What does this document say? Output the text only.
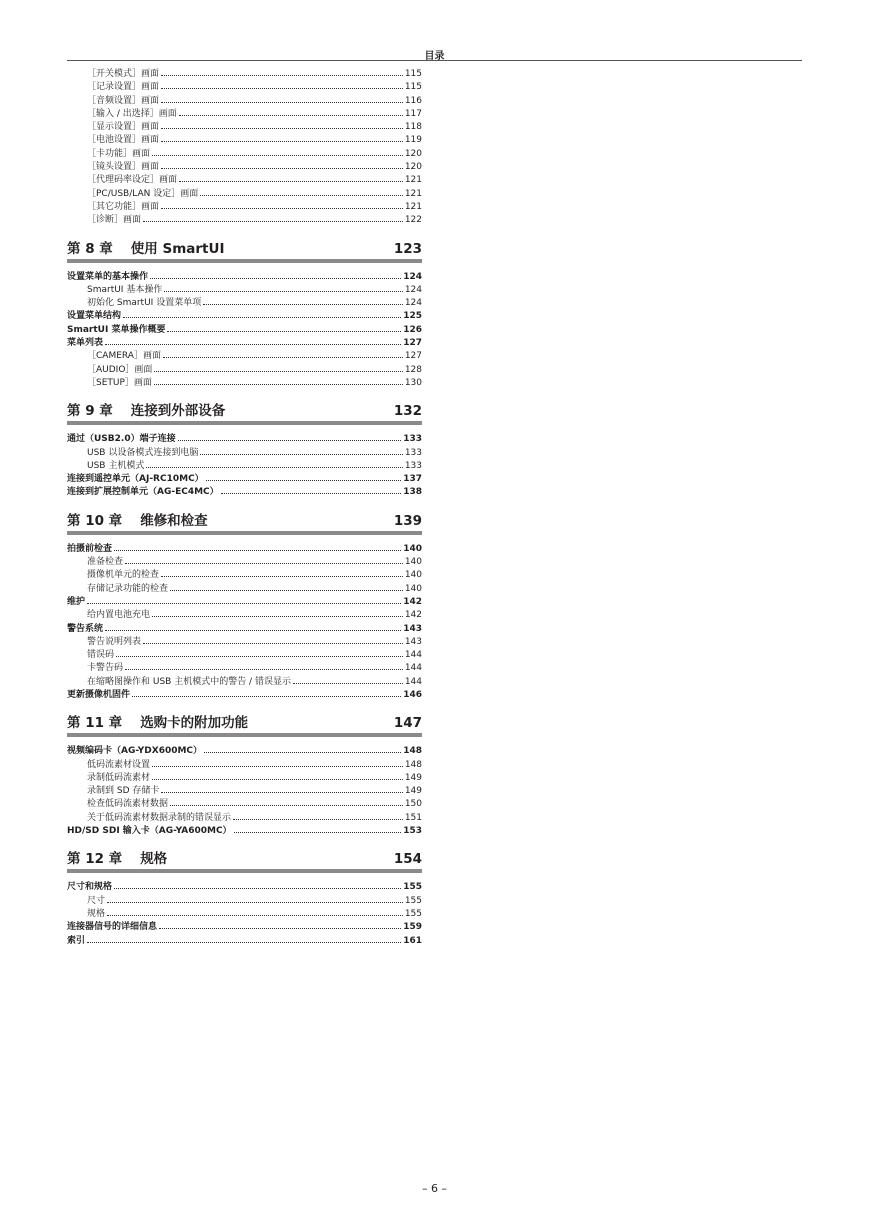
目录
［开关模式］画面	115
［记录设置］画面	115
［音频设置］画面	116
［输入 / 出选择］画面	117
［显示设置］画面	118
［电池设置］画面	119
［卡功能］画面	120
［镜头设置］画面	120
［代理码率设定］画面	121
［PC/USB/LAN 设定］画面	121
［其它功能］画面	121
［诊断］画面	122
第 8 章 使用 SmartUI	123
设置菜单的基本操作	124
SmartUI 基本操作	124
初始化 SmartUI 设置菜单项	124
设置菜单结构	125
SmartUI 菜单操作概要	126
菜单列表	127
［CAMERA］画面	127
［AUDIO］画面	128
［SETUP］画面	130
第 9 章 连接到外部设备	132
通过（USB2.0）端子连接	133
USB 以设备模式连接到电脑	133
USB 主机模式	133
连接到遥控单元（AJ-RC10MC）	137
连接到扩展控制单元（AG-EC4MC）	138
第 10 章 维修和检查	139
拍摄前检查	140
准备检查	140
摄像机单元的检查	140
存储记录功能的检查	140
维护	142
给内置电池充电	142
警告系统	143
警告说明列表	143
错误码	144
卡警告码	144
在缩略图操作和 USB 主机模式中的警告 / 错误显示	144
更新摄像机固件	146
第 11 章 选购卡的附加功能	147
视频编码卡（AG-YDX600MC）	148
低码流素材设置	148
录制低码流素材	149
录制到 SD 存储卡	149
检查低码流素材数据	150
关于低码流素材数据录制的错误显示	151
HD/SD SDI 输入卡（AG-YA600MC）	153
第 12 章 规格	154
尺寸和规格	155
尺寸	155
规格	155
连接器信号的详细信息	159
索引	161
– 6 –
